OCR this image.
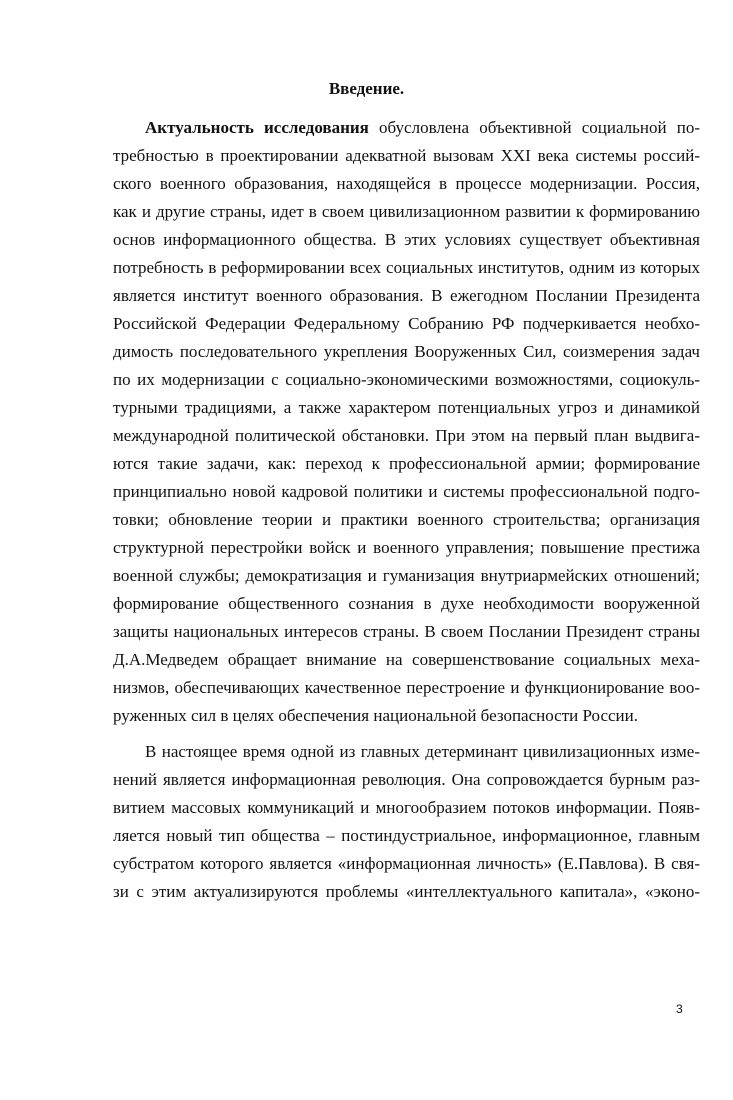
Введение.
Актуальность исследования обусловлена объективной социальной по-
требностью в проектировании адекватной вызовам XXI века системы россий-
ского военного образования, находящейся в процессе модернизации. Россия,
как и другие страны, идет в своем цивилизационном развитии к формированию
основ информационного общества. В этих условиях существует объективная
потребность в реформировании всех социальных институтов, одним из которых
является институт военного образования. В ежегодном Послании Президента
Российской Федерации Федеральному Собранию РФ подчеркивается необхо-
димость последовательного укрепления Вооруженных Сил, соизмерения задач
по их модернизации с социально-экономическими возможностями, социокуль-
турными традициями, а также характером потенциальных угроз и динамикой
международной политической обстановки. При этом на первый план выдвига-
ются такие задачи, как: переход к профессиональной армии; формирование
принципиально новой кадровой политики и системы профессиональной подго-
товки; обновление теории и практики военного строительства; организация
структурной перестройки войск и военного управления; повышение престижа
военной службы; демократизация и гуманизация внутриармейских отношений;
формирование общественного сознания в духе необходимости вооруженной
защиты национальных интересов страны. В своем Послании Президент страны
Д.А.Медведем обращает внимание на совершенствование социальных меха-
низмов, обеспечивающих качественное перестроение и функционирование воо-
руженных сил в целях обеспечения национальной безопасности России.
В настоящее время одной из главных детерминант цивилизационных изме-
нений является информационная революция. Она сопровождается бурным раз-
витием массовых коммуникаций и многообразием потоков информации. Появ-
ляется новый тип общества – постиндустриальное, информационное, главным
субстратом которого является «информационная личность» (Е.Павлова). В свя-
зи с этим актуализируются проблемы «интеллектуального капитала», «эконо-
3
